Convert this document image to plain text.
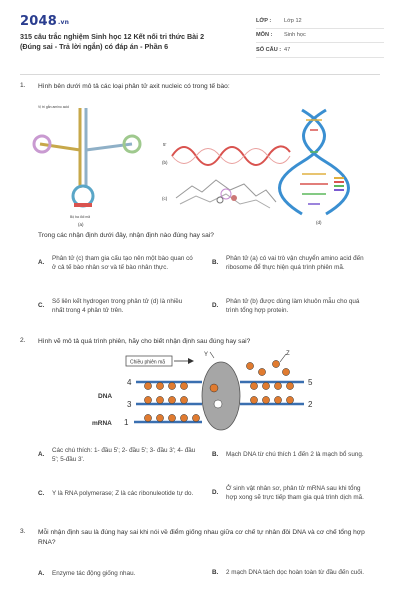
2048.vn
315 câu trắc nghiệm Sinh học 12 Kết nối tri thức Bài 2 (Đúng sai - Trả lời ngắn) có đáp án - Phần 6
LỚP :	Lớp 12
MÔN :	Sinh học
SỐ CÂU : 47
1. Hình bên dưới mô tả các loại phân tử axit nucleic có trong tế bào:
Vị trí gắn amino acid
Bộ ba đối mã
(a)
5'
(b)
(c)
(d)
Trong các nhận định dưới đây, nhận định nào đúng hay sai?
A.
Phân tử (c) tham gia cấu tạo nên một bào quan có ở cả tế bào nhân sơ và tế bào nhân thực.
B.
Phân tử (a) có vai trò vận chuyển amino acid đến ribosome để thực hiện quá trình phiên mã.
C.
Số liên kết hydrogen trong phân tử (d) là nhiều nhất trong 4 phân tử trên.
D.
Phân tử (b) được dùng làm khuôn mẫu cho quá trình tổng hợp protein.
2. Hình vẽ mô tả quá trình phiên, hãy cho biết nhận định sau đúng hay sai?
Chiều phiên mã
Z
Y
DNA
mRNA
4
3
1
5
2
A.
Các chú thích: 1- đầu 5'; 2- đầu 5'; 3- đầu 3'; 4- đầu 5'; 5-đầu 3'.
B.	Mạch DNA từ chú thích 1 đến 2 là mạch bổ sung.
C.	Y là RNA polymerase; Z là các ribonuleotide tự do.	D.
Ở sinh vật nhân sơ, phân tử mRNA sau khi tổng hợp xong sẽ trực tiếp tham gia quá trình dịch mã.
3. Mỗi nhận định sau là đúng hay sai khi nói về điểm giống nhau giữa cơ chế tự nhân đôi DNA và cơ chế tổng hợp RNA?
A.	Enzyme tác động giống nhau.	B.	2 mạch DNA tách dọc hoàn toàn từ đầu đến cuối.
